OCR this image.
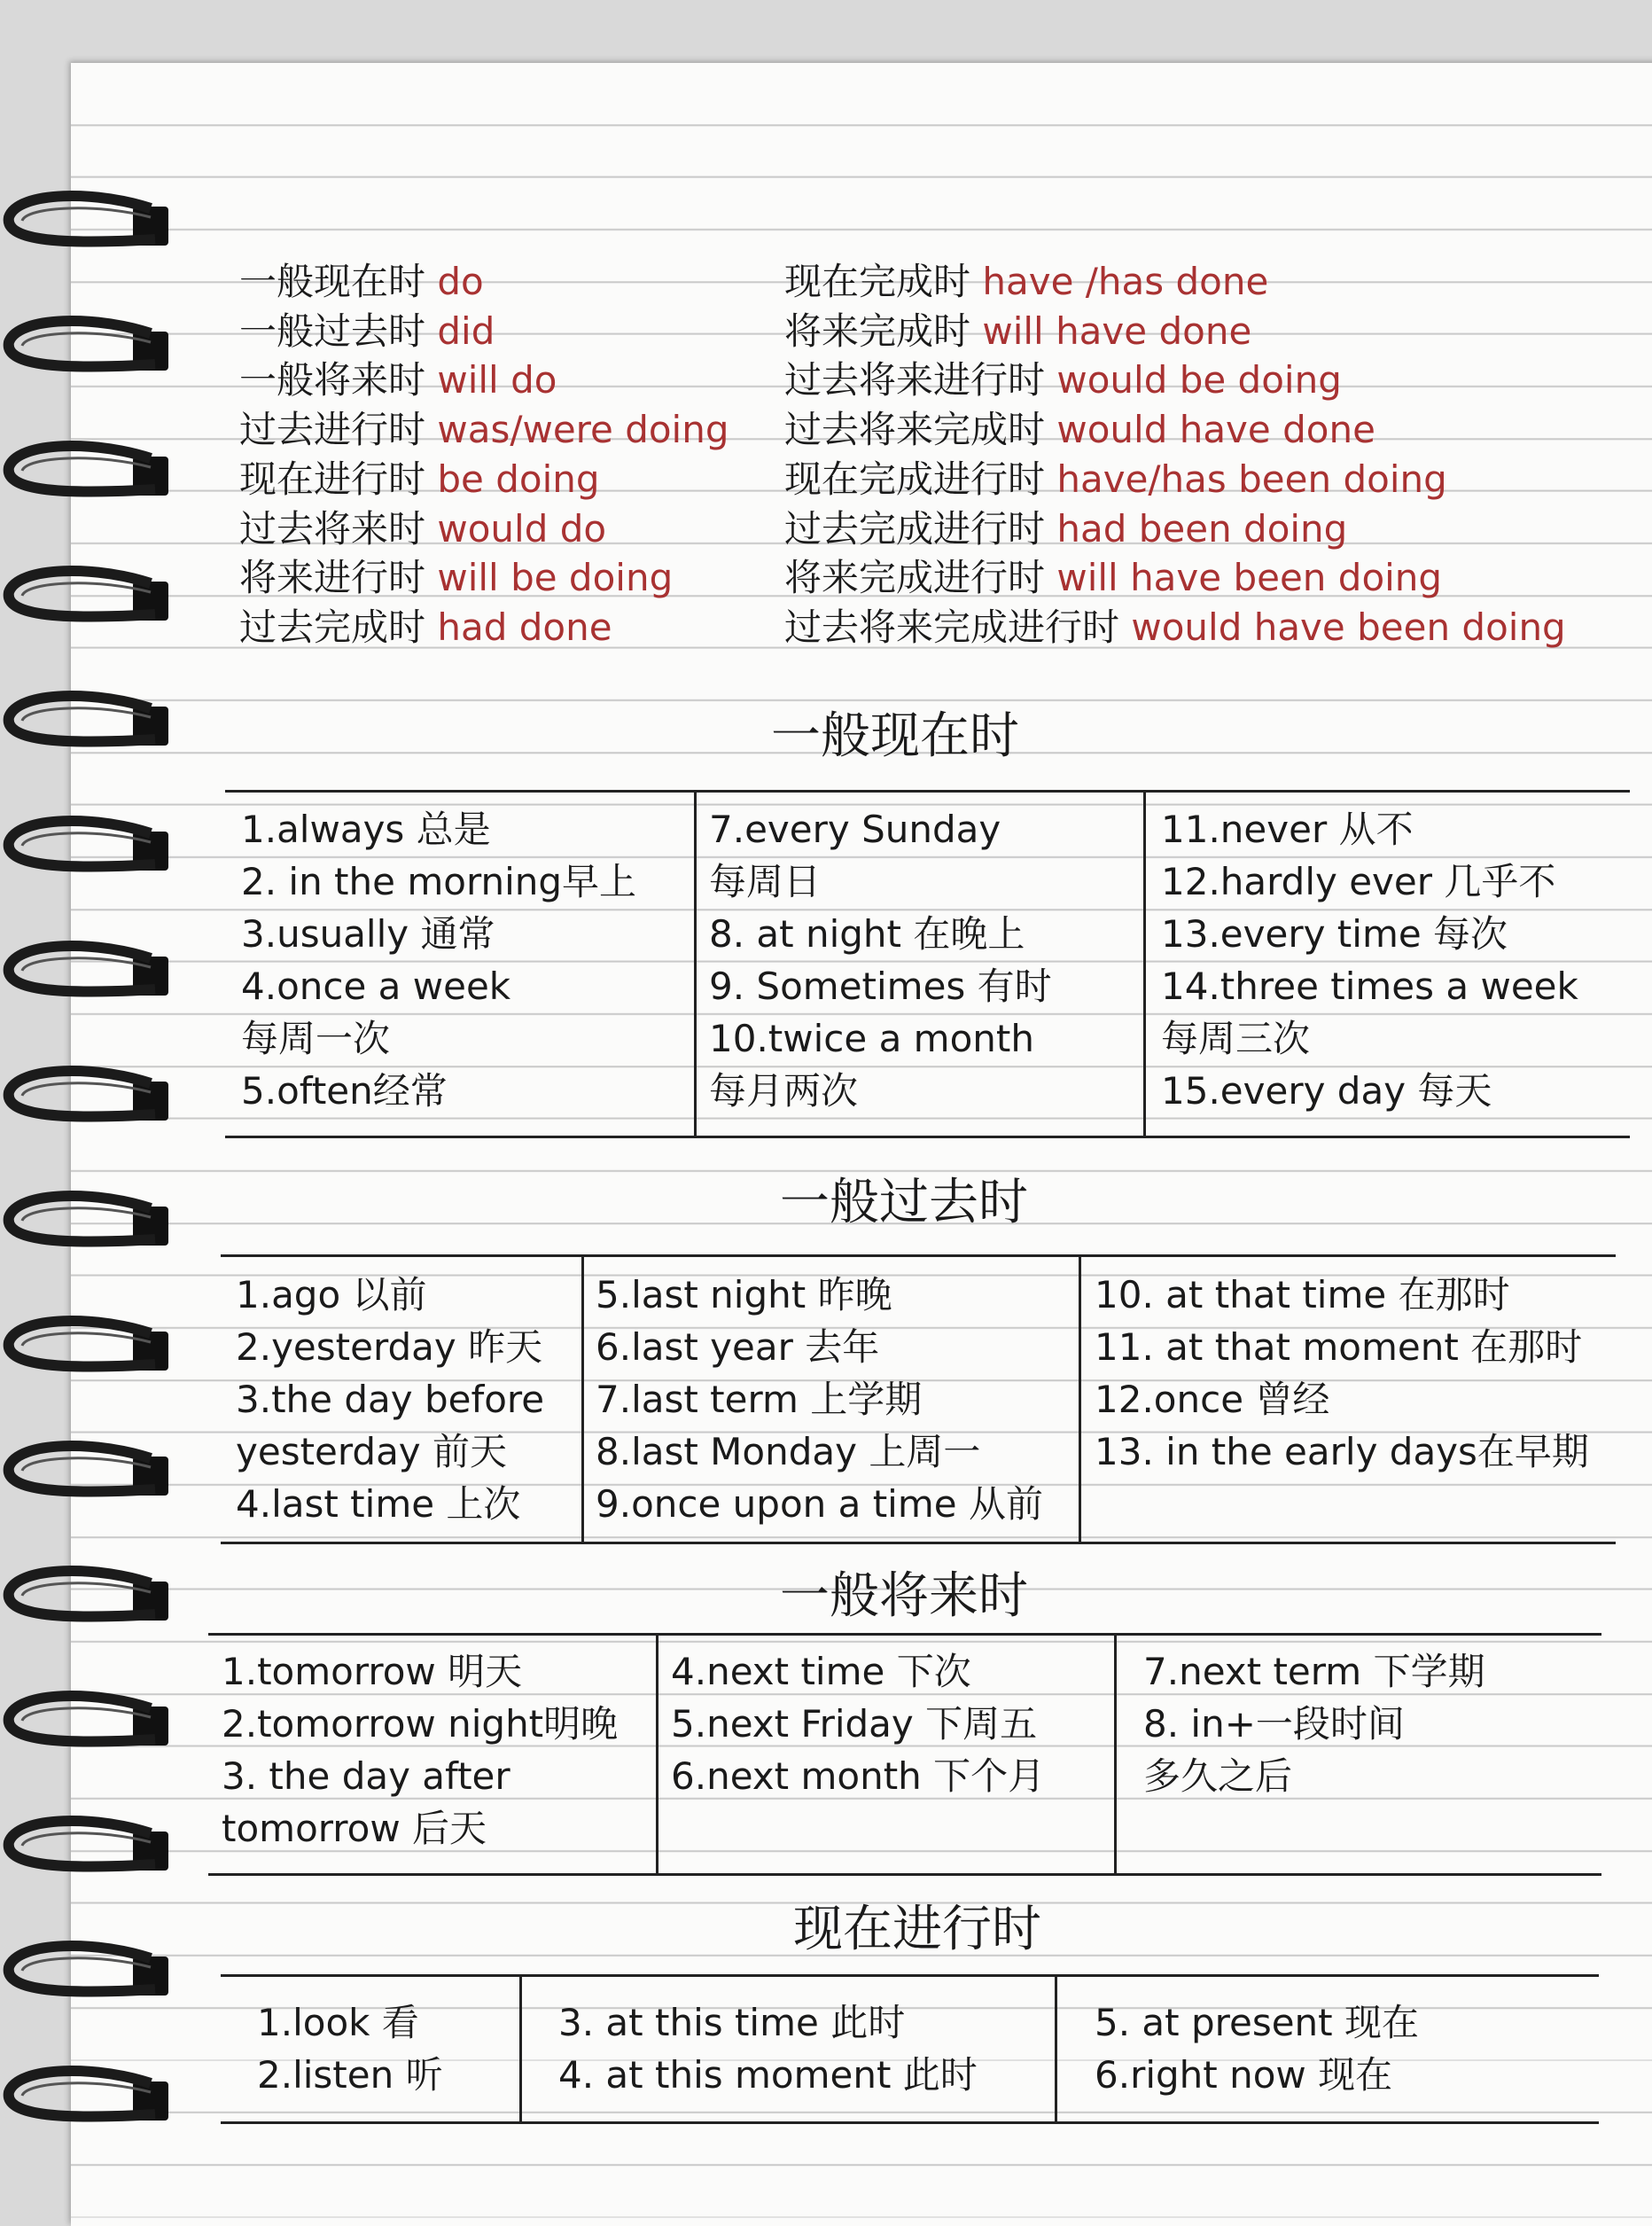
一般现在时 do
一般过去时 did
一般将来时 will do
过去进行时 was/were doing
现在进行时 be doing
过去将来时 would do
将来进行时 will be doing
过去完成时 had done
现在完成时 have /has done
将来完成时 will have done
过去将来进行时 would be doing
过去将来完成时 would have done
现在完成进行时 have/has been doing
过去完成进行时 had been doing
将来完成进行时 will have been doing
过去将来完成进行时 would have been doing
一般现在时
1.always 总是
2. in the morning早上
3.usually 通常
4.once a week
每周一次
5.often经常
7.every Sunday
每周日
8. at night 在晚上
9. Sometimes 有时
10.twice a month
每月两次
11.never 从不
12.hardly ever 几乎不
13.every time 每次
14.three times a week
每周三次
15.every day 每天
一般过去时
1.ago 以前
2.yesterday 昨天
3.the day before
yesterday 前天
4.last time 上次
5.last night 昨晚
6.last year 去年
7.last term 上学期
8.last Monday 上周一
9.once upon a time 从前
10. at that time 在那时
11. at that moment 在那时
12.once 曾经
13. in the early days在早期
一般将来时
1.tomorrow 明天
2.tomorrow night明晚
3. the day after
tomorrow 后天
4.next time 下次
5.next Friday 下周五
6.next month 下个月
7.next term 下学期
8. in+一段时间
多久之后
现在进行时
1.look 看
2.listen 听
3. at this time 此时
4. at this moment 此时
5. at present 现在
6.right now 现在
